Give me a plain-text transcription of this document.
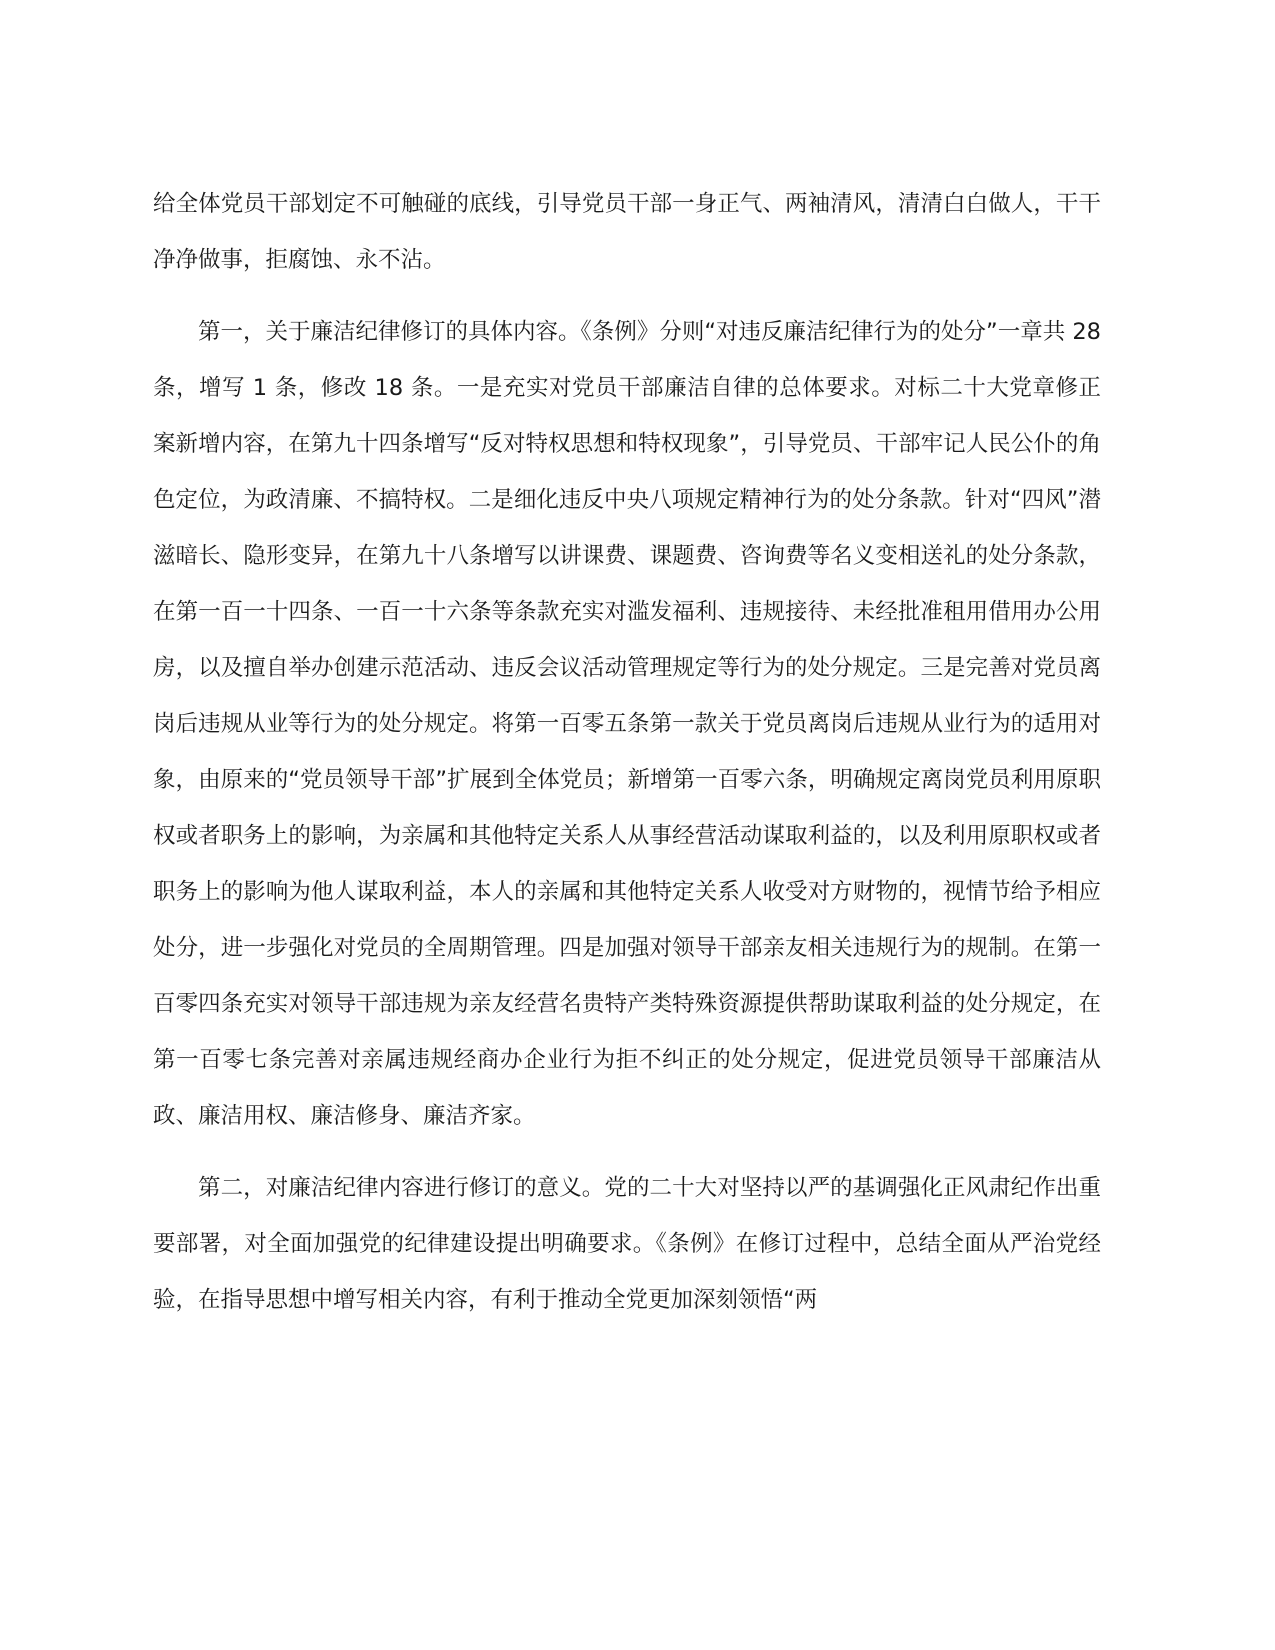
给全体党员干部划定不可触碰的底线，引导党员干部一身正气、两袖清风，清清白白做人，干干净净做事，拒腐蚀、永不沾。

第一，关于廉洁纪律修订的具体内容。《条例》分则“对违反廉洁纪律行为的处分”一章共 28 条，增写 1 条，修改 18 条。一是充实对党员干部廉洁自律的总体要求。对标二十大党章修正案新增内容，在第九十四条增写“反对特权思想和特权现象”，引导党员、干部牢记人民公仆的角色定位，为政清廉、不搞特权。二是细化违反中央八项规定精神行为的处分条款。针对“四风”潜滋暗长、隐形变异，在第九十八条增写以讲课费、课题费、咨询费等名义变相送礼的处分条款，在第一百一十四条、一百一十六条等条款充实对滥发福利、违规接待、未经批准租用借用办公用房，以及擅自举办创建示范活动、违反会议活动管理规定等行为的处分规定。三是完善对党员离岗后违规从业等行为的处分规定。将第一百零五条第一款关于党员离岗后违规从业行为的适用对象，由原来的“党员领导干部”扩展到全体党员；新增第一百零六条，明确规定离岗党员利用原职权或者职务上的影响，为亲属和其他特定关系人从事经营活动谋取利益的，以及利用原职权或者职务上的影响为他人谋取利益，本人的亲属和其他特定关系人收受对方财物的，视情节给予相应处分，进一步强化对党员的全周期管理。四是加强对领导干部亲友相关违规行为的规制。在第一百零四条充实对领导干部违规为亲友经营名贵特产类特殊资源提供帮助谋取利益的处分规定，在第一百零七条完善对亲属违规经商办企业行为拒不纠正的处分规定，促进党员领导干部廉洁从政、廉洁用权、廉洁修身、廉洁齐家。

第二，对廉洁纪律内容进行修订的意义。党的二十大对坚持以严的基调强化正风肃纪作出重要部署，对全面加强党的纪律建设提出明确要求。《条例》在修订过程中，总结全面从严治党经验，在指导思想中增写相关内容，有利于推动全党更加深刻领悟“两
